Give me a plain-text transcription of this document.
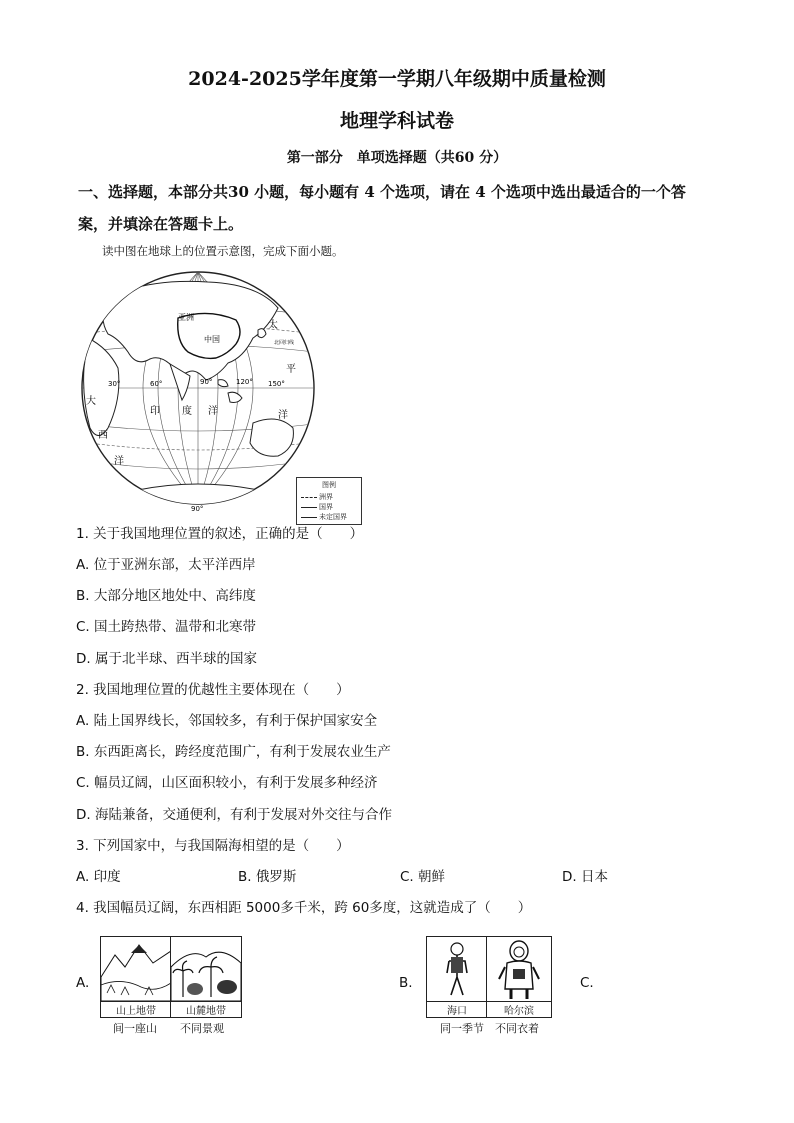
2024-2025学年度第一学期八年级期中质量检测
地理学科试卷
第一部分　单项选择题（共60 分）
一、选择题，本部分共30 小题，每小题有 4 个选项，请在 4 个选项中选出最适合的一个答
案，并填涂在答题卡上。
读中图在地球上的位置示意图，完成下面小题。
亚洲
中国
太
平
洋
印 度 洋
大
西
洋
北回归线
30°	60°	90°	120° 150°
90°
图例
洲界
国界
未定国界
1. 关于我国地理位置的叙述，正确的是（　　）
A. 位于亚洲东部，太平洋西岸
B. 大部分地区地处中、高纬度
C. 国土跨热带、温带和北寒带
D. 属于北半球、西半球的国家
2. 我国地理位置的优越性主要体现在（　　）
A. 陆上国界线长，邻国较多，有利于保护国家安全
B. 东西距离长，跨经度范围广，有利于发展农业生产
C. 幅员辽阔，山区面积较小，有利于发展多种经济
D. 海陆兼备，交通便利，有利于发展对外交往与合作
3. 下列国家中，与我国隔海相望的是（　　）
A. 印度	B. 俄罗斯	C. 朝鲜	D. 日本
4. 我国幅员辽阔，东西相距 5000多千米，跨 60多度，这就造成了（　　）
A.
山上地带	山麓地带
间一座山 不同景观
B.
海口	哈尔滨
同一季节 不同衣着
C.
